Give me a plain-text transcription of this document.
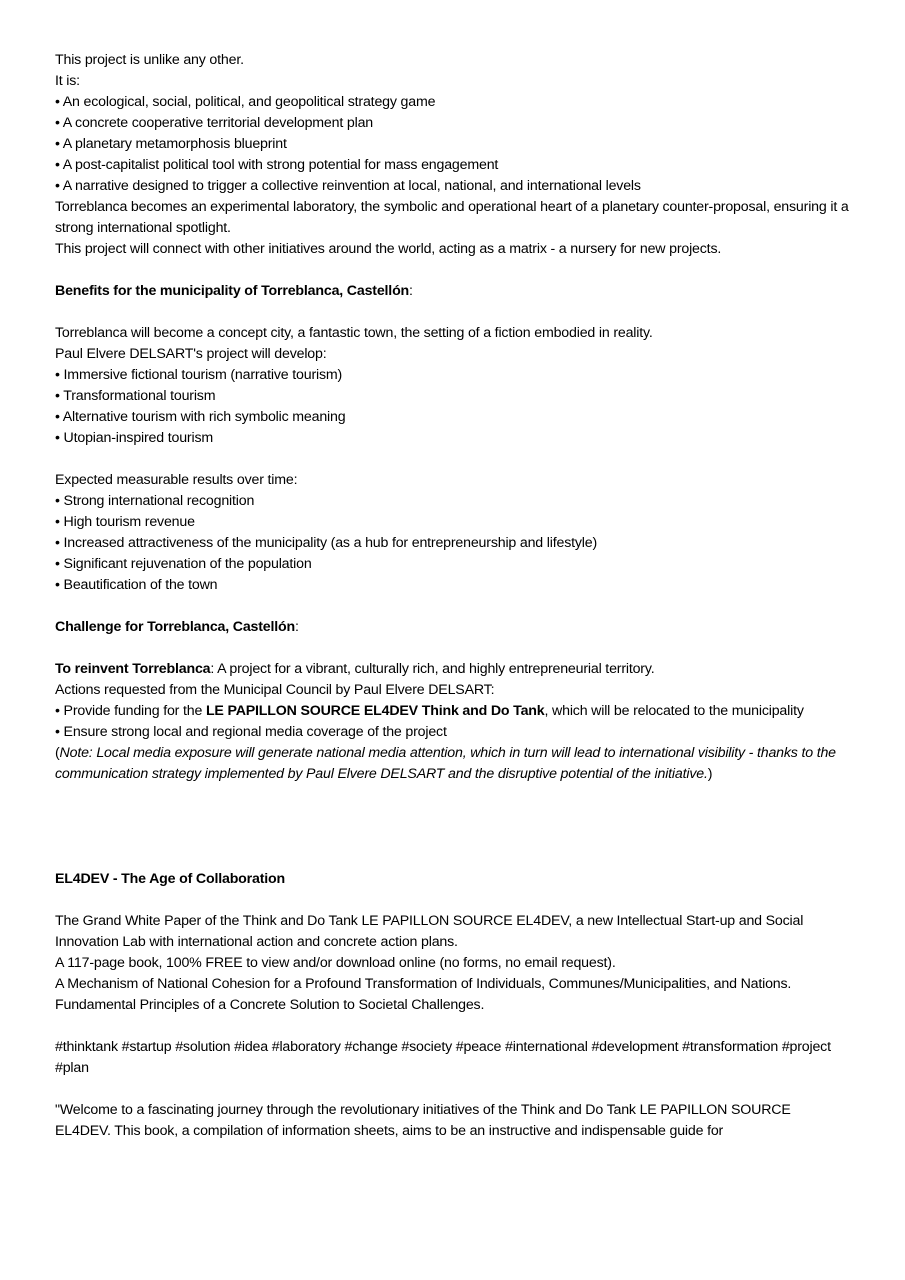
This project is unlike any other.
It is:
• An ecological, social, political, and geopolitical strategy game
• A concrete cooperative territorial development plan
• A planetary metamorphosis blueprint
• A post-capitalist political tool with strong potential for mass engagement
• A narrative designed to trigger a collective reinvention at local, national, and international levels
Torreblanca becomes an experimental laboratory, the symbolic and operational heart of a planetary counter-proposal, ensuring it a strong international spotlight.
This project will connect with other initiatives around the world, acting as a matrix - a nursery for new projects.
Benefits for the municipality of Torreblanca, Castellón:
Torreblanca will become a concept city, a fantastic town, the setting of a fiction embodied in reality.
Paul Elvere DELSART's project will develop:
• Immersive fictional tourism (narrative tourism)
• Transformational tourism
• Alternative tourism with rich symbolic meaning
• Utopian-inspired tourism
Expected measurable results over time:
• Strong international recognition
• High tourism revenue
• Increased attractiveness of the municipality (as a hub for entrepreneurship and lifestyle)
• Significant rejuvenation of the population
• Beautification of the town
Challenge for Torreblanca, Castellón:
To reinvent Torreblanca: A project for a vibrant, culturally rich, and highly entrepreneurial territory.
Actions requested from the Municipal Council by Paul Elvere DELSART:
• Provide funding for the LE PAPILLON SOURCE EL4DEV Think and Do Tank, which will be relocated to the municipality
• Ensure strong local and regional media coverage of the project
(Note: Local media exposure will generate national media attention, which in turn will lead to international visibility - thanks to the communication strategy implemented by Paul Elvere DELSART and the disruptive potential of the initiative.)
EL4DEV - The Age of Collaboration
The Grand White Paper of the Think and Do Tank LE PAPILLON SOURCE EL4DEV, a new Intellectual Start-up and Social Innovation Lab with international action and concrete action plans.
A 117-page book, 100% FREE to view and/or download online (no forms, no email request).
A Mechanism of National Cohesion for a Profound Transformation of Individuals, Communes/Municipalities, and Nations.
Fundamental Principles of a Concrete Solution to Societal Challenges.
#thinktank #startup #solution #idea #laboratory #change #society #peace #international #development #transformation #project #plan
"Welcome to a fascinating journey through the revolutionary initiatives of the Think and Do Tank LE PAPILLON SOURCE EL4DEV. This book, a compilation of information sheets, aims to be an instructive and indispensable guide for
